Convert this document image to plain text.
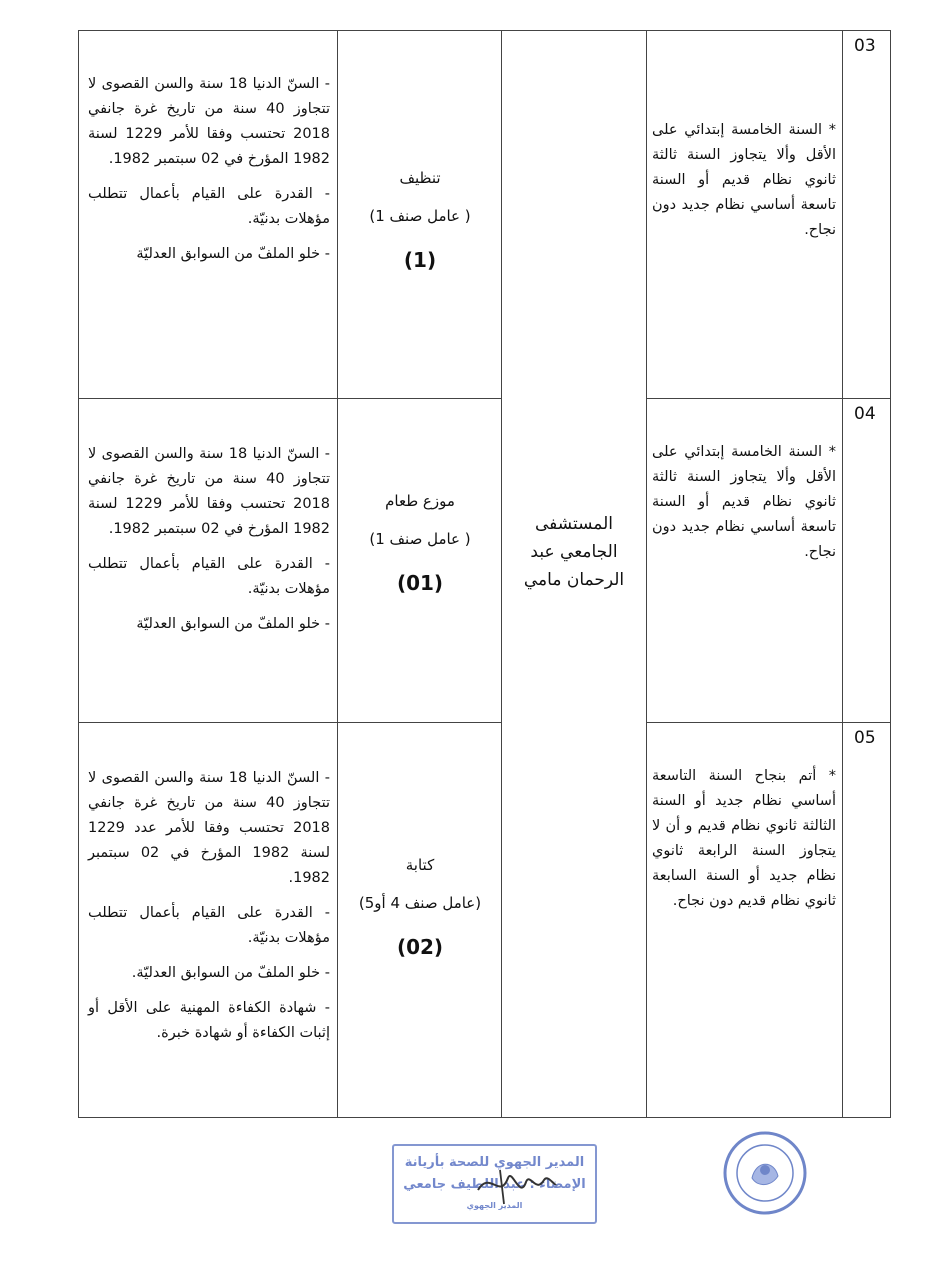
03
* السنة الخامسة إبتدائي على الأقل وألا يتجاوز السنة ثالثة ثانوي نظام قديم أو السنة تاسعة أساسي نظام جديد دون نجاح.
تنظيف
( عامل صنف 1)
(1)

- السنّ الدنيا 18 سنة والسن القصوى لا تتجاوز 40 سنة من تاريخ غرة جانفي 2018 تحتسب وفقا للأمر 1229 لسنة 1982 المؤرخ في 02 سبتمبر 1982.

- القدرة على القيام بأعمال تتطلب مؤهلات بدنيّة.

- خلو الملفّ من السوابق العدليّة

04
* السنة الخامسة إبتدائي على الأقل وألا يتجاوز السنة ثالثة ثانوي نظام قديم أو السنة تاسعة أساسي نظام جديد دون نجاح.
موزع طعام
( عامل صنف 1)
(01)

- السنّ الدنيا 18 سنة والسن القصوى لا تتجاوز 40 سنة من تاريخ غرة جانفي 2018 تحتسب وفقا للأمر 1229 لسنة 1982 المؤرخ في 02 سبتمبر 1982.

- القدرة على القيام بأعمال تتطلب مؤهلات بدنيّة.

- خلو الملفّ من السوابق العدليّة

المستشفى الجامعي عبد الرحمان مامي
05
* أتم بنجاح السنة التاسعة أساسي نظام جديد أو السنة الثالثة ثانوي نظام قديم و أن لا يتجاوز السنة الرابعة ثانوي نظام جديد أو السنة السابعة ثانوي نظام قديم دون نجاح.
كتابة
(عامل صنف 4 أو5)
(02)

- السنّ الدنيا 18 سنة والسن القصوى لا تتجاوز 40 سنة من تاريخ غرة جانفي 2018 تحتسب وفقا للأمر عدد 1229 لسنة 1982 المؤرخ في 02 سبتمبر 1982.

- القدرة على القيام بأعمال تتطلب مؤهلات بدنيّة.

- خلو الملفّ من السوابق العدليّة.

- شهادة الكفاءة المهنية على الأقل أو إثبات الكفاءة أو شهادة خبرة.

المدير الجهوي للصحة بأريانة
الإمضاء : عبد اللطيف جامعي
المدير الجهوي
